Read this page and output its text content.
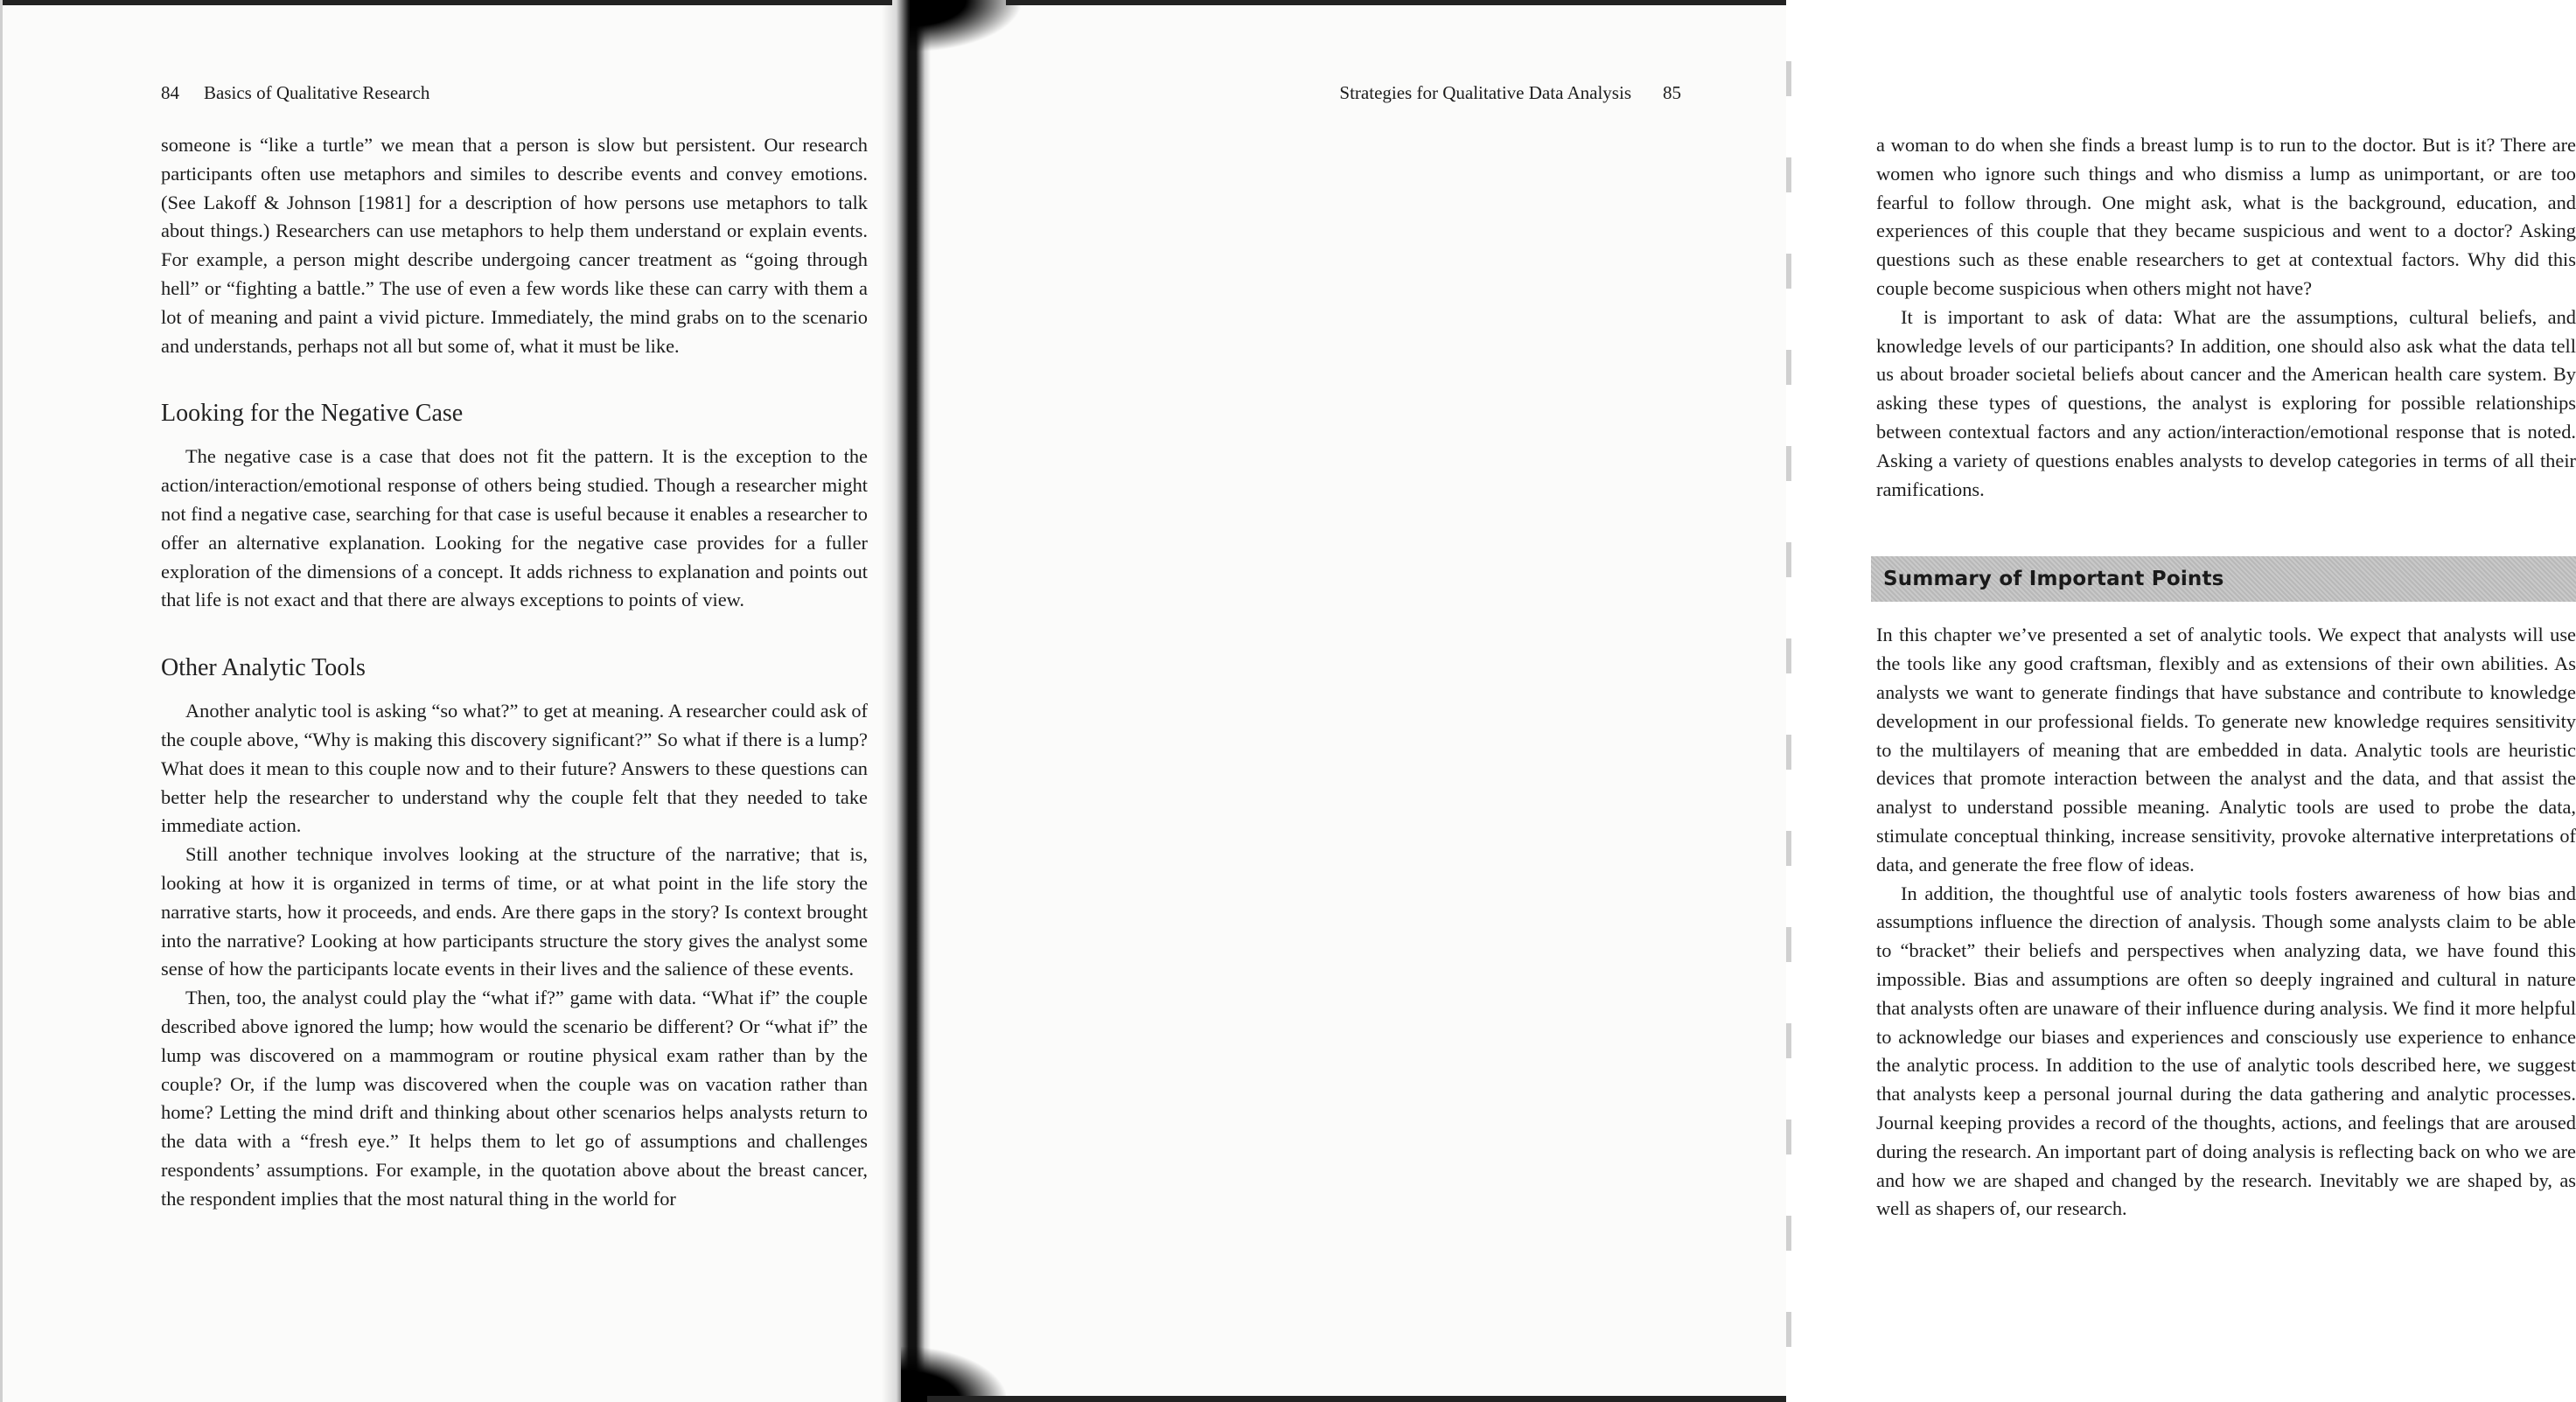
84 Basics of Qualitative Research

someone is “like a turtle” we mean that a person is slow but persistent. Our research participants often use metaphors and similes to describe events and convey emotions. (See Lakoff & Johnson [1981] for a description of how persons use metaphors to talk about things.) Researchers can use metaphors to help them understand or explain events. For example, a person might describe undergoing cancer treatment as “going through hell” or “fighting a battle.” The use of even a few words like these can carry with them a lot of meaning and paint a vivid picture. Immediately, the mind grabs on to the scenario and understands, perhaps not all but some of, what it must be like.

Looking for the Negative Case

The negative case is a case that does not fit the pattern. It is the exception to the action/interaction/emotional response of others being studied. Though a researcher might not find a negative case, searching for that case is useful because it enables a researcher to offer an alternative explanation. Looking for the negative case provides for a fuller exploration of the dimensions of a concept. It adds richness to explanation and points out that life is not exact and that there are always exceptions to points of view.

Other Analytic Tools

Another analytic tool is asking “so what?” to get at meaning. A researcher could ask of the couple above, “Why is making this discovery significant?” So what if there is a lump? What does it mean to this couple now and to their future? Answers to these questions can better help the researcher to understand why the couple felt that they needed to take immediate action.

Still another technique involves looking at the structure of the narrative; that is, looking at how it is organized in terms of time, or at what point in the life story the narrative starts, how it proceeds, and ends. Are there gaps in the story? Is context brought into the narrative? Looking at how participants structure the story gives the analyst some sense of how the participants locate events in their lives and the salience of these events.

Then, too, the analyst could play the “what if?” game with data. “What if” the couple described above ignored the lump; how would the scenario be different? Or “what if” the lump was discovered on a mammogram or routine physical exam rather than by the couple? Or, if the lump was discovered when the couple was on vacation rather than home? Letting the mind drift and thinking about other scenarios helps analysts return to the data with a “fresh eye.” It helps them to let go of assumptions and challenges respondents’ assumptions. For example, in the quotation above about the breast cancer, the respondent implies that the most natural thing in the world for

Strategies for Qualitative Data Analysis 85

a woman to do when she finds a breast lump is to run to the doctor. But is it? There are women who ignore such things and who dismiss a lump as unimportant, or are too fearful to follow through. One might ask, what is the background, education, and experiences of this couple that they became suspicious and went to a doctor? Asking questions such as these enable researchers to get at contextual factors. Why did this couple become suspicious when others might not have?

It is important to ask of data: What are the assumptions, cultural beliefs, and knowledge levels of our participants? In addition, one should also ask what the data tell us about broader societal beliefs about cancer and the American health care system. By asking these types of questions, the analyst is exploring for possible relationships between contextual factors and any action/interaction/emotional response that is noted. Asking a variety of questions enables analysts to develop categories in terms of all their ramifications.

Summary of Important Points

In this chapter we’ve presented a set of analytic tools. We expect that analysts will use the tools like any good craftsman, flexibly and as extensions of their own abilities. As analysts we want to generate findings that have substance and contribute to knowledge development in our professional fields. To generate new knowledge requires sensitivity to the multilayers of meaning that are embedded in data. Analytic tools are heuristic devices that promote interaction between the analyst and the data, and that assist the analyst to understand possible meaning. Analytic tools are used to probe the data, stimulate conceptual thinking, increase sensitivity, provoke alternative interpretations of data, and generate the free flow of ideas.

In addition, the thoughtful use of analytic tools fosters awareness of how bias and assumptions influence the direction of analysis. Though some analysts claim to be able to “bracket” their beliefs and perspectives when analyzing data, we have found this impossible. Bias and assumptions are often so deeply ingrained and cultural in nature that analysts often are unaware of their influence during analysis. We find it more helpful to acknowledge our biases and experiences and consciously use experience to enhance the analytic process. In addition to the use of analytic tools described here, we suggest that analysts keep a personal journal during the data gathering and analytic processes. Journal keeping provides a record of the thoughts, actions, and feelings that are aroused during the research. An important part of doing analysis is reflecting back on who we are and how we are shaped and changed by the research. Inevitably we are shaped by, as well as shapers of, our research.
